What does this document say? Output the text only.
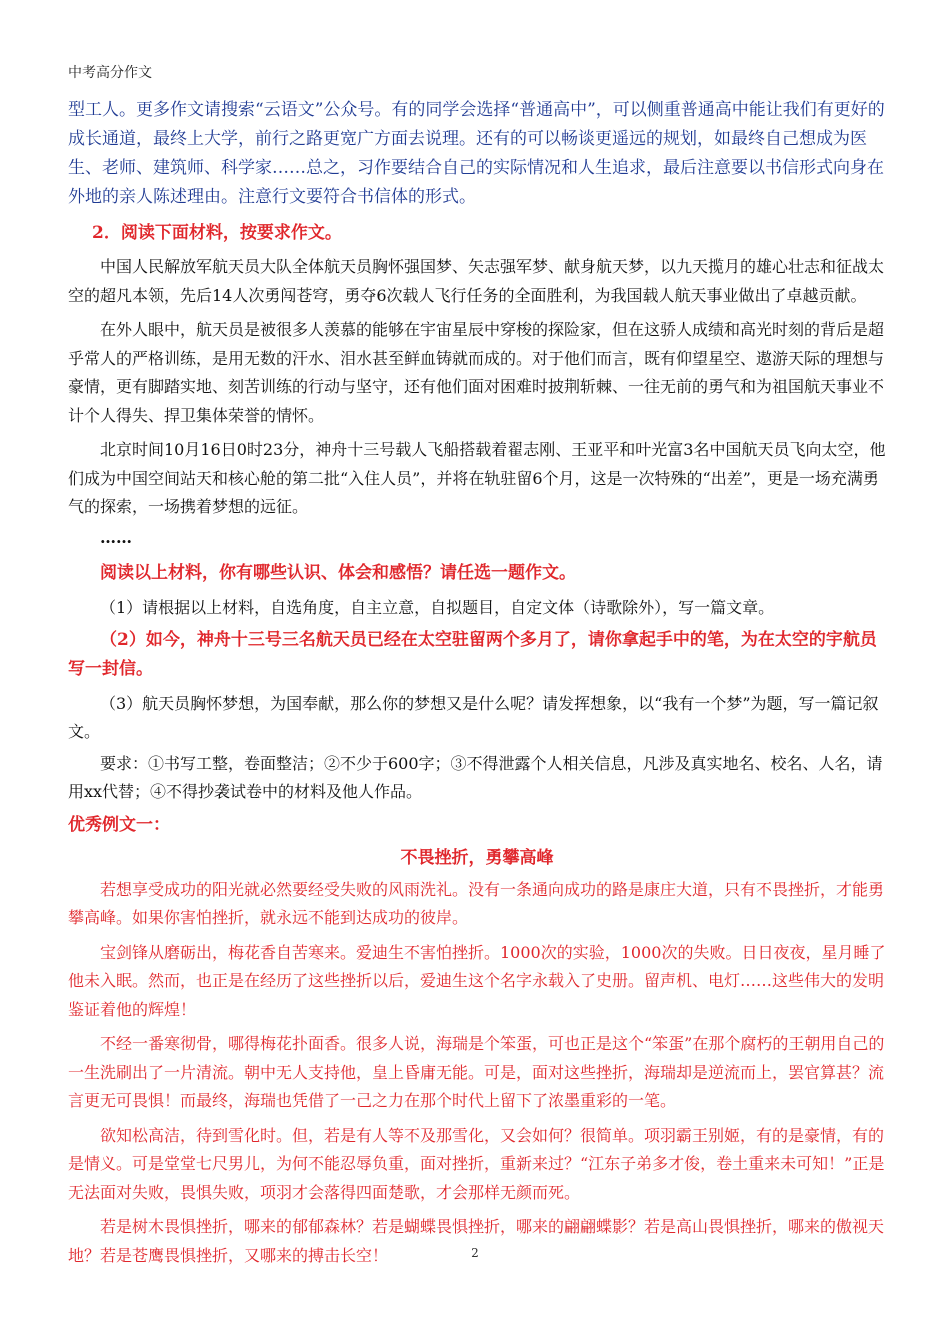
中考高分作文

型工人。更多作文请搜索“云语文”公众号。有的同学会选择“普通高中”，可以侧重普通高中能让我们有更好的成长通道，最终上大学，前行之路更宽广方面去说理。还有的可以畅谈更遥远的规划，如最终自己想成为医生、老师、建筑师、科学家……总之，习作要结合自己的实际情况和人生追求，最后注意要以书信形式向身在外地的亲人陈述理由。注意行文要符合书信体的形式。

2．阅读下面材料，按要求作文。

中国人民解放军航天员大队全体航天员胸怀强国梦、矢志强军梦、献身航天梦，以九天揽月的雄心壮志和征战太空的超凡本领，先后14人次勇闯苍穹，勇夺6次载人飞行任务的全面胜利，为我国载人航天事业做出了卓越贡献。

在外人眼中，航天员是被很多人羡慕的能够在宇宙星辰中穿梭的探险家，但在这骄人成绩和高光时刻的背后是超乎常人的严格训练，是用无数的汗水、泪水甚至鲜血铸就而成的。对于他们而言，既有仰望星空、遨游天际的理想与豪情，更有脚踏实地、刻苦训练的行动与坚守，还有他们面对困难时披荆斩棘、一往无前的勇气和为祖国航天事业不计个人得失、捍卫集体荣誉的情怀。

北京时间10月16日0时23分，神舟十三号载人飞船搭载着翟志刚、王亚平和叶光富3名中国航天员飞向太空，他们成为中国空间站天和核心舱的第二批“入住人员”，并将在轨驻留6个月，这是一次特殊的“出差”，更是一场充满勇气的探索，一场携着梦想的远征。

……

阅读以上材料，你有哪些认识、体会和感悟？请任选一题作文。

（1）请根据以上材料，自选角度，自主立意，自拟题目，自定文体（诗歌除外），写一篇文章。

（2）如今，神舟十三号三名航天员已经在太空驻留两个多月了，请你拿起手中的笔，为在太空的宇航员写一封信。

（3）航天员胸怀梦想，为国奉献，那么你的梦想又是什么呢？请发挥想象，以“我有一个梦”为题，写一篇记叙文。

要求：①书写工整，卷面整洁；②不少于600字；③不得泄露个人相关信息，凡涉及真实地名、校名、人名，请用xx代替；④不得抄袭试卷中的材料及他人作品。

优秀例文一：

不畏挫折，勇攀高峰

若想享受成功的阳光就必然要经受失败的风雨洗礼。没有一条通向成功的路是康庄大道，只有不畏挫折，才能勇攀高峰。如果你害怕挫折，就永远不能到达成功的彼岸。

宝剑锋从磨砺出，梅花香自苦寒来。爱迪生不害怕挫折。1000次的实验，1000次的失败。日日夜夜，星月睡了他未入眠。然而，也正是在经历了这些挫折以后，爱迪生这个名字永载入了史册。留声机、电灯……这些伟大的发明鉴证着他的辉煌！

不经一番寒彻骨，哪得梅花扑面香。很多人说，海瑞是个笨蛋，可也正是这个“笨蛋”在那个腐朽的王朝用自己的一生洗刷出了一片清流。朝中无人支持他，皇上昏庸无能。可是，面对这些挫折，海瑞却是逆流而上，罢官算甚？流言更无可畏惧！而最终，海瑞也凭借了一己之力在那个时代上留下了浓墨重彩的一笔。

欲知松高洁，待到雪化时。但，若是有人等不及那雪化，又会如何？很简单。项羽霸王别姬，有的是豪情，有的是情义。可是堂堂七尺男儿，为何不能忍辱负重，面对挫折，重新来过？“江东子弟多才俊，卷土重来未可知！”正是无法面对失败，畏惧失败，项羽才会落得四面楚歌，才会那样无颜而死。

若是树木畏惧挫折，哪来的郁郁森林？若是蝴蝶畏惧挫折，哪来的翩翩蝶影？若是高山畏惧挫折，哪来的傲视天地？若是苍鹰畏惧挫折，又哪来的搏击长空！	2
